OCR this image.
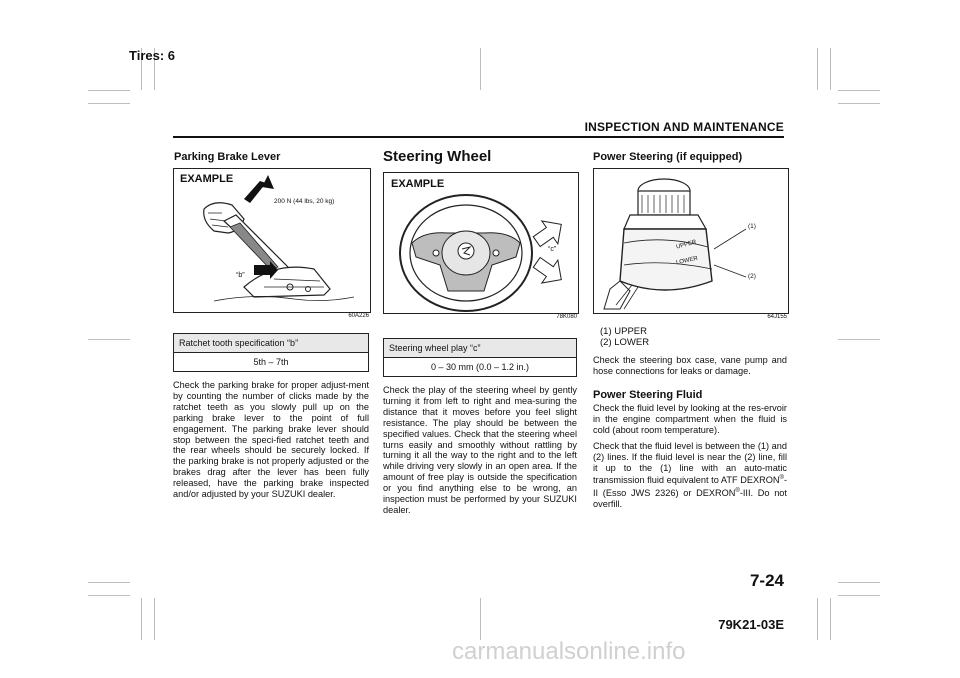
Tires: 6
INSPECTION AND MAINTENANCE
Parking Brake Lever
EXAMPLE
200 N (44 lbs, 20 kg)
“b”
60A226
Ratchet tooth specification “b”
5th – 7th

Check the parking brake for proper adjust-ment by counting the number of clicks made by the ratchet teeth as you slowly pull up on the parking brake lever to the point of full engagement. The parking brake lever should stop between the speci-fied ratchet teeth and the rear wheels should be securely locked. If the parking brake is not properly adjusted or the brakes drag after the lever has been fully released, have the parking brake inspected and/or adjusted by your SUZUKI dealer.

Steering Wheel
EXAMPLE
“c”
78K080
Steering wheel play “c”
0 – 30 mm (0.0 – 1.2 in.)

Check the play of the steering wheel by gently turning it from left to right and mea-suring the distance that it moves before you feel slight resistance. The play should be between the specified values. Check that the steering wheel turns easily and smoothly without rattling by turning it all the way to the right and to the left while driving very slowly in an open area. If the amount of free play is outside the specification or you find anything else to be wrong, an inspection must be performed by your SUZUKI dealer.

Power Steering (if equipped)
UPPER
LOWER
(1)
(2)
64J155
(1) UPPER
(2) LOWER

Check the steering box case, vane pump and hose connections for leaks or damage.

Power Steering Fluid

Check the fluid level by looking at the res-ervoir in the engine compartment when the fluid is cold (about room temperature).

Check that the fluid level is between the (1) and (2) lines. If the fluid level is near the (2) line, fill it up to the (1) line with an auto-matic transmission fluid equivalent to ATF DEXRON®-II (Esso JWS 2326) or DEXRON®-III. Do not overfill.

7-24
79K21-03E
carmanualsonline.info
